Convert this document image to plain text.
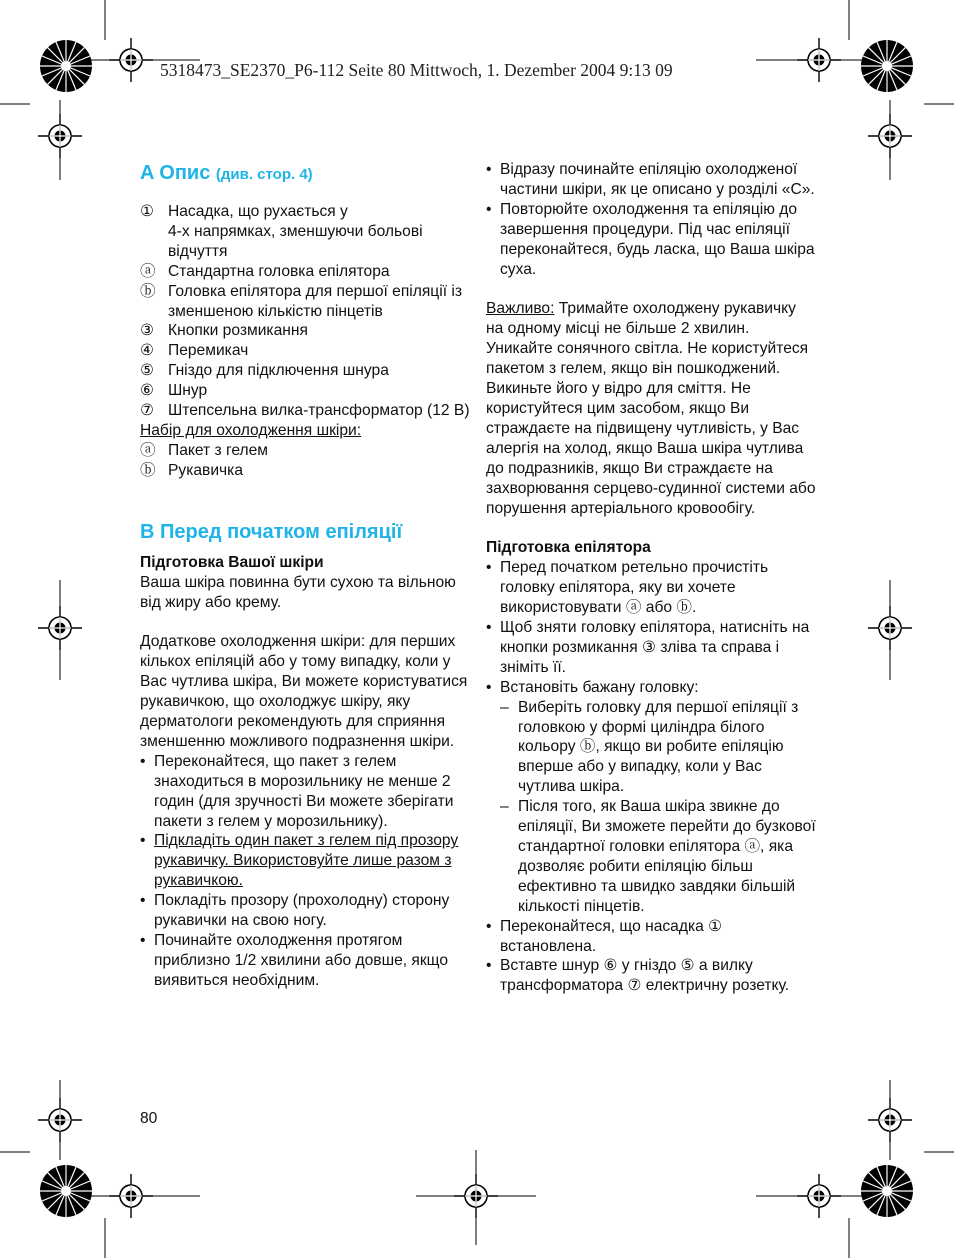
5318473_SE2370_P6-112 Seite 80 Mittwoch, 1. Dezember 2004 9:13 09
A Опис (див. стор. 4)
① Насадка, що рухається у
4-х напрямках, зменшуючи больові відчуття
ⓐ Стандартна головка епілятора
ⓑ Головка епілятора для першої епіляції із зменшеною кількістю пінцетів
③ Кнопки розмикання
④ Перемикач
⑤ Гніздо для підключення шнура
⑥ Шнур
⑦ Штепсельна вилка-трансформатор (12 В)
Набір для охолодження шкіри:
ⓐ Пакет з гелем
ⓑ Рукавичка
B Перед початком епіляції
Підготовка Вашої шкіри
Ваша шкіра повинна бути сухою та вільною від жиру або крему.
Додаткове охолодження шкіри: для перших кількох епіляцій або у тому випадку, коли у Вас чутлива шкіра, Ви можете користуватися рукавичкою, що охолоджує шкіру, яку дерматологи рекомендують для сприяння зменшенню можливого подразнення шкіри.
• Переконайтеся, що пакет з гелем знаходиться в морозильнику не менше 2 годин (для зручності Ви можете зберігати пакети з гелем у морозильнику).
• Підкладіть один пакет з гелем під прозору рукавичку. Використовуйте лише разом з рукавичкою.
• Покладіть прозору (прохолодну) сторону рукавички на свою ногу.
• Починайте охолодження протягом приблизно 1/2 хвилини або довше, якщо виявиться необхідним.
80
• Відразу починайте епіляцію охолодженої частини шкіри, як це описано у розділі «С».
• Повторюйте охолодження та епіляцію до завершення процедури. Під час епіляції переконайтеся, будь ласка, що Ваша шкіра суха.
Важливо: Тримайте охолоджену рукавичку на одному місці не більше 2 хвилин. Уникайте сонячного світла. Не користуйтеся пакетом з гелем, якщо він пошкоджений. Викиньте його у відро для сміття. Не користуйтеся цим засобом, якщо Ви страждаєте на підвищену чутливість, у Вас алергія на холод, якщо Ваша шкіра чутлива до подразників, якщо Ви страждаєте на захворювання серцево-судинної системи або порушення артеріального кровообігу.
Підготовка епілятора
• Перед початком ретельно прочистіть головку епілятора, яку ви хочете використовувати ⓐ або ⓑ.
• Щоб зняти головку епілятора, натисніть на кнопки розмикання ③ зліва та справа і зніміть її.
• Встановіть бажану головку:
– Виберіть головку для першої епіляції з головкою у формі циліндра білого кольору ⓑ, якщо ви робите епіляцію вперше або у випадку, коли у Вас чутлива шкіра.
– Після того, як Ваша шкіра звикне до епіляції, Ви зможете перейти до бузкової стандартної головки епілятора ⓐ, яка дозволяє робити епіляцію більш ефективно та швидко завдяки більшій кількості пінцетів.
• Переконайтеся, що насадка ① встановлена.
• Вставте шнур ⑥ у гніздо ⑤ а вилку трансформатора ⑦ електричну розетку.
